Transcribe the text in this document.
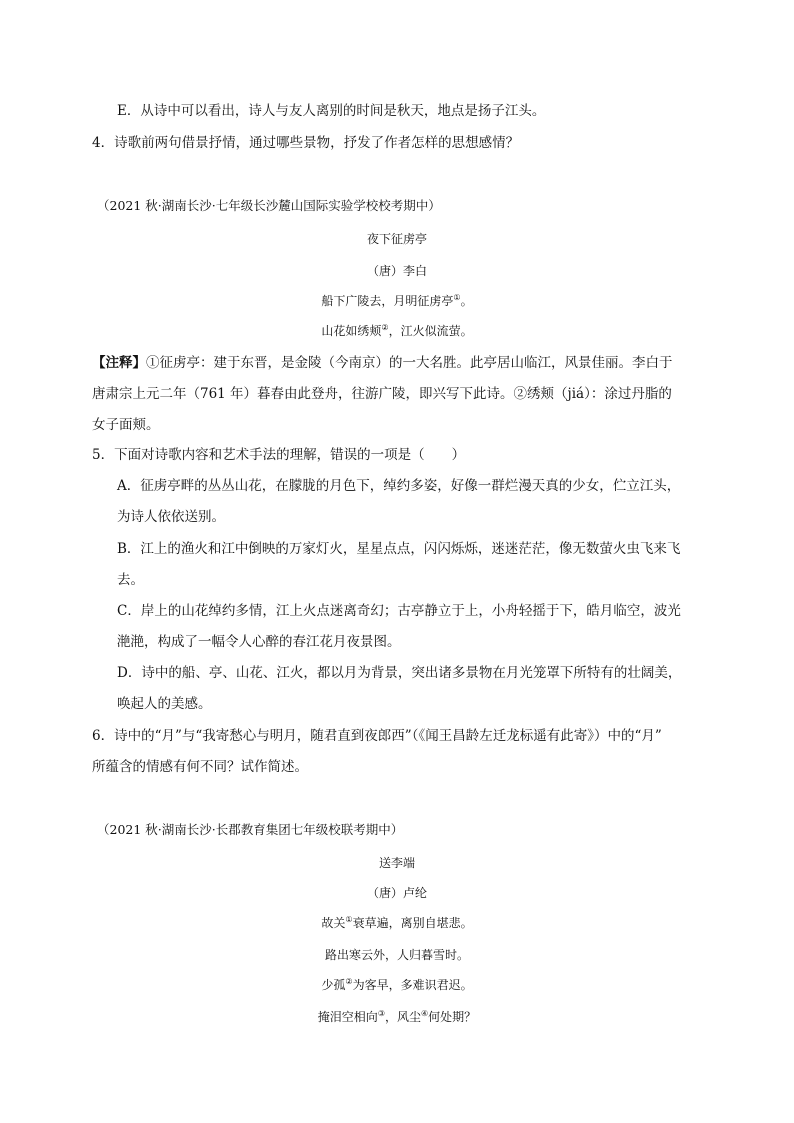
E．从诗中可以看出，诗人与友人离别的时间是秋天，地点是扬子江头。
4．诗歌前两句借景抒情，通过哪些景物，抒发了作者怎样的思想感情？
（2021 秋·湖南长沙·七年级长沙麓山国际实验学校校考期中）
夜下征虏亭
（唐）李白
船下广陵去，月明征虏亭①。
山花如绣颊②，江火似流萤。
【注释】①征虏亭：建于东晋，是金陵（今南京）的一大名胜。此亭居山临江，风景佳丽。李白于
唐肃宗上元二年（761 年）暮春由此登舟，往游广陵，即兴写下此诗。②绣颊（jiá）：涂过丹脂的
女子面颊。
5．下面对诗歌内容和艺术手法的理解，错误的一项是（　　）
A．征虏亭畔的丛丛山花，在朦胧的月色下，绰约多姿，好像一群烂漫天真的少女，伫立江头，
为诗人依依送别。
B．江上的渔火和江中倒映的万家灯火，星星点点，闪闪烁烁，迷迷茫茫，像无数萤火虫飞来飞
去。
C．岸上的山花绰约多情，江上火点迷离奇幻；古亭静立于上，小舟轻摇于下，皓月临空，波光
滟滟，构成了一幅令人心醉的春江花月夜景图。
D．诗中的船、亭、山花、江火，都以月为背景，突出诸多景物在月光笼罩下所特有的壮阔美，
唤起人的美感。
6．诗中的“月”与“我寄愁心与明月，随君直到夜郎西”（《闻王昌龄左迁龙标遥有此寄》）中的“月”
所蕴含的情感有何不同？试作简述。
（2021 秋·湖南长沙·长郡教育集团七年级校联考期中）
送李端
（唐）卢纶
故关①衰草遍，离别自堪悲。
路出寒云外，人归暮雪时。
少孤②为客早，多难识君迟。
掩泪空相向③，风尘④何处期？
